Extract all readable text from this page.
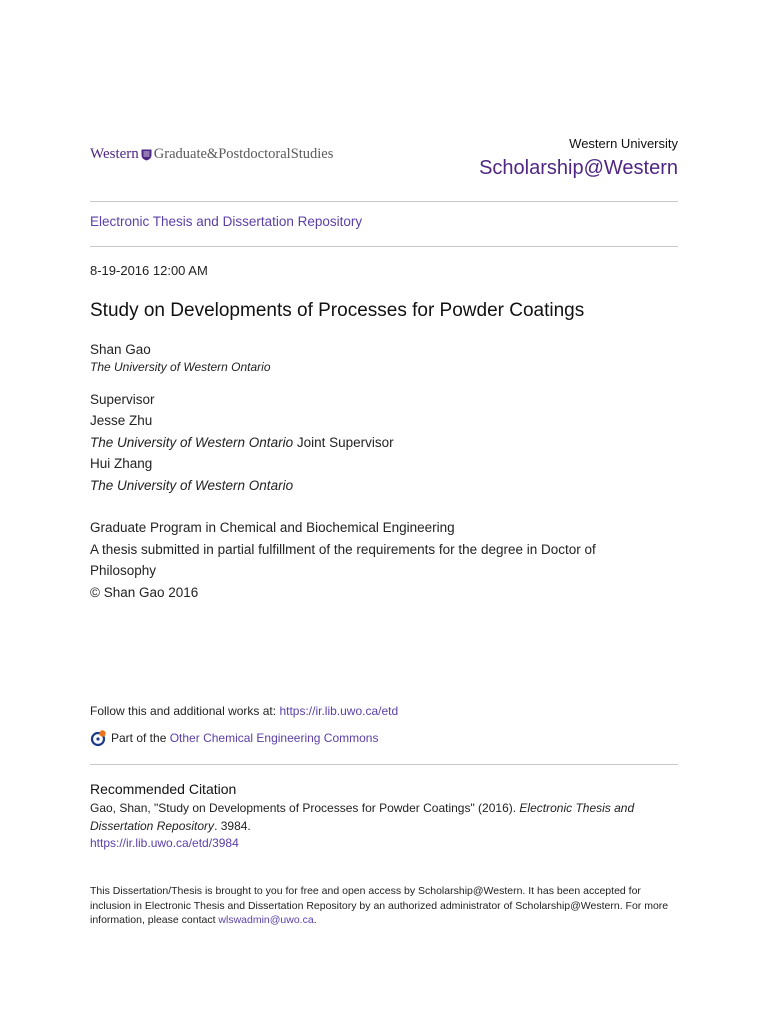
Western Graduate&PostdoctoralStudies
Western University
Scholarship@Western
Electronic Thesis and Dissertation Repository
8-19-2016 12:00 AM
Study on Developments of Processes for Powder Coatings
Shan Gao
The University of Western Ontario
Supervisor
Jesse Zhu
The University of Western Ontario Joint Supervisor
Hui Zhang
The University of Western Ontario
Graduate Program in Chemical and Biochemical Engineering
A thesis submitted in partial fulfillment of the requirements for the degree in Doctor of
Philosophy
© Shan Gao 2016
Follow this and additional works at: https://ir.lib.uwo.ca/etd
Part of the
Other Chemical Engineering Commons
Recommended Citation
Gao, Shan, "Study on Developments of Processes for Powder Coatings" (2016). Electronic Thesis and Dissertation Repository. 3984.
https://ir.lib.uwo.ca/etd/3984
This Dissertation/Thesis is brought to you for free and open access by Scholarship@Western. It has been accepted for inclusion in Electronic Thesis and Dissertation Repository by an authorized administrator of Scholarship@Western. For more information, please contact wlswadmin@uwo.ca.
